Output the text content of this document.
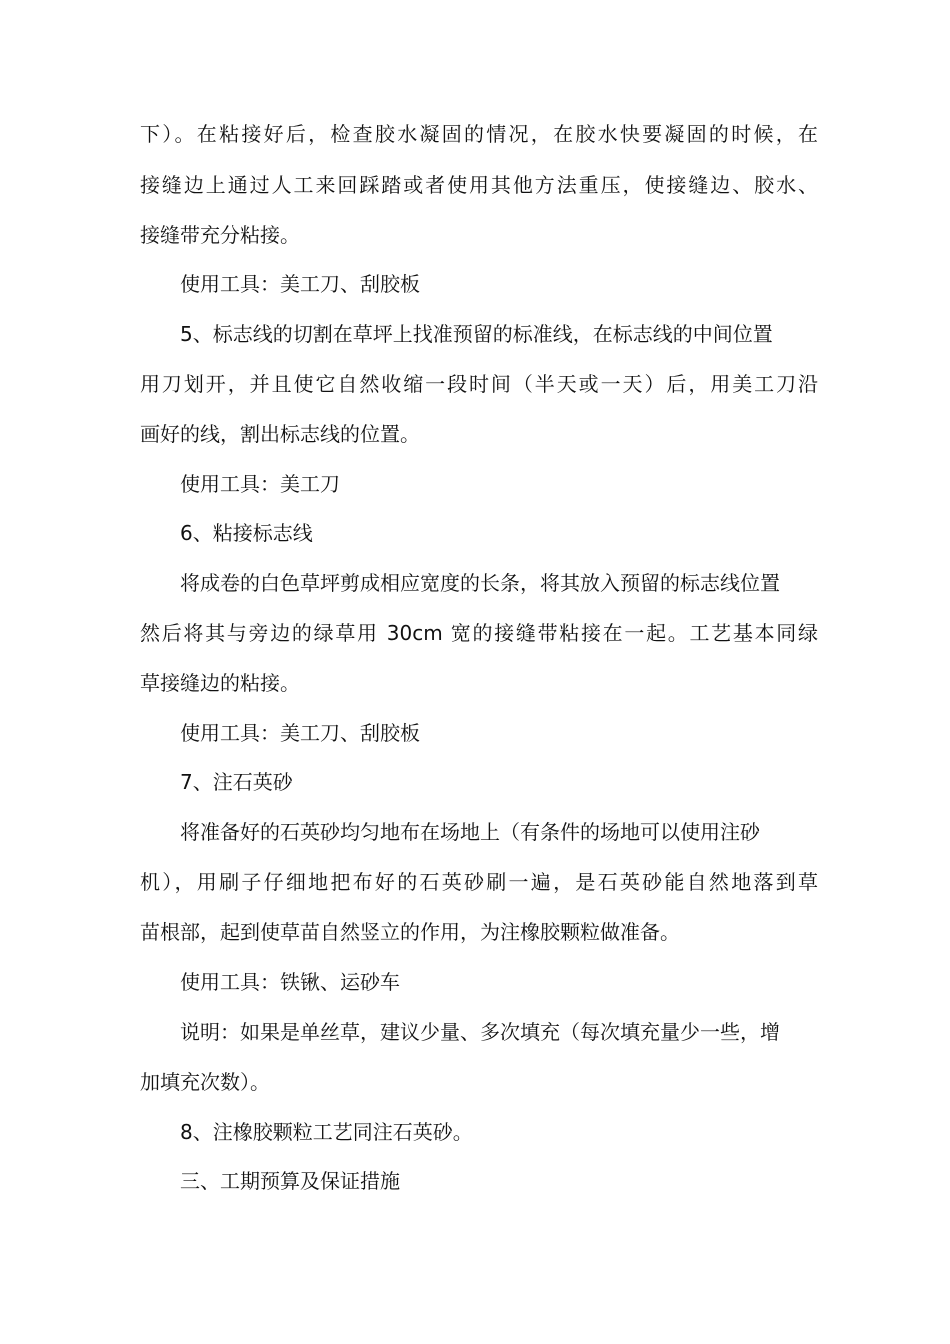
下）。在粘接好后，检查胶水凝固的情况，在胶水快要凝固的时候，在
接缝边上通过人工来回踩踏或者使用其他方法重压，使接缝边、胶水、
接缝带充分粘接。
使用工具：美工刀、刮胶板
5、标志线的切割在草坪上找准预留的标准线，在标志线的中间位置
用刀划开，并且使它自然收缩一段时间（半天或一天）后，用美工刀沿
画好的线，割出标志线的位置。
使用工具：美工刀
6、粘接标志线
将成卷的白色草坪剪成相应宽度的长条，将其放入预留的标志线位置
然后将其与旁边的绿草用 30cm 宽的接缝带粘接在一起。工艺基本同绿
草接缝边的粘接。
使用工具：美工刀、刮胶板
7、注石英砂
将准备好的石英砂均匀地布在场地上（有条件的场地可以使用注砂
机），用刷子仔细地把布好的石英砂刷一遍，是石英砂能自然地落到草
苗根部，起到使草苗自然竖立的作用，为注橡胶颗粒做准备。
使用工具：铁锹、运砂车
说明：如果是单丝草，建议少量、多次填充（每次填充量少一些，增
加填充次数）。
8、注橡胶颗粒工艺同注石英砂。
三、工期预算及保证措施
